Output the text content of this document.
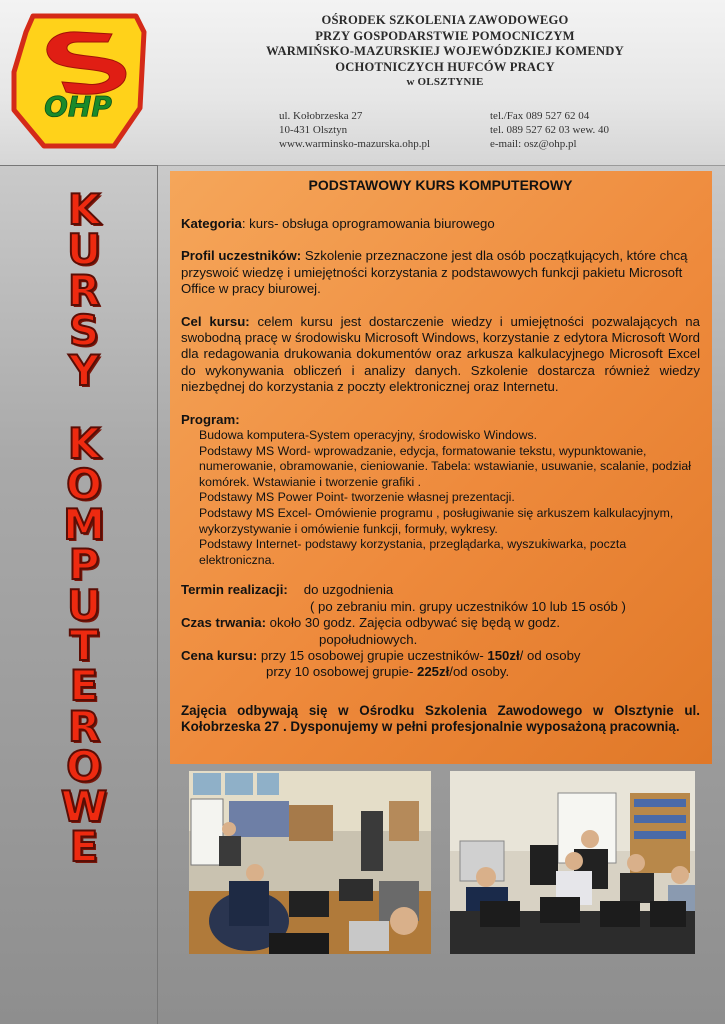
OHP
OŚRODEK SZKOLENIA ZAWODOWEGO
PRZY GOSPODARSTWIE POMOCNICZYM
WARMIŃSKO-MAZURSKIEJ WOJEWÓDZKIEJ KOMENDY
OCHOTNICZYCH HUFCÓW PRACY
w OLSZTYNIE
ul. Kołobrzeska 27
10-431 Olsztyn
www.warminsko-mazurska.ohp.pl
tel./Fax 089 527 62 04
tel. 089 527 62 03 wew. 40
e-mail: osz@ohp.pl
K
U
R
S
Y
K
O
M
P
U
T
E
R
O
W
E
PODSTAWOWY KURS KOMPUTEROWY
Kategoria: kurs- obsługa oprogramowania biurowego
Profil uczestników: Szkolenie przeznaczone jest dla osób początkujących, które chcą przyswoić wiedzę i umiejętności korzystania z podstawowych funkcji pakietu Microsoft Office w pracy biurowej.
Cel kursu: celem kursu jest dostarczenie wiedzy i umiejętności pozwalających na swobodną pracę w środowisku Microsoft Windows, korzystanie z edytora Microsoft Word dla redagowania drukowania dokumentów oraz arkusza kalkulacyjnego Microsoft Excel do wykonywania obliczeń i analizy danych. Szkolenie dostarcza również wiedzy niezbędnej do korzystania z poczty elektronicznej oraz Internetu.
Program:
Budowa komputera-System operacyjny, środowisko Windows.
Podstawy MS Word- wprowadzanie, edycja, formatowanie tekstu, wypunktowanie, numerowanie, obramowanie, cieniowanie. Tabela: wstawianie, usuwanie, scalanie, podział komórek. Wstawianie i tworzenie grafiki .
Podstawy MS Power Point- tworzenie własnej prezentacji.
Podstawy MS Excel- Omówienie programu , posługiwanie się arkuszem kalkulacyjnym, wykorzystywanie i omówienie funkcji, formuły, wykresy.
Podstawy Internet- podstawy korzystania, przeglądarka, wyszukiwarka, poczta elektroniczna.
Termin realizacji: do uzgodnienia
( po zebraniu min. grupy uczestników 10 lub 15 osób )
Czas trwania: około 30 godz. Zajęcia odbywać się będą w godz.
popołudniowych.
Cena kursu: przy 15 osobowej grupie uczestników- 150zł/ od osoby
przy 10 osobowej grupie- 225zł/od osoby.
Zajęcia odbywają się w Ośrodku Szkolenia Zawodowego w Olsztynie ul. Kołobrzeska 27 . Dysponujemy w pełni profesjonalnie wyposażoną pracownią.
